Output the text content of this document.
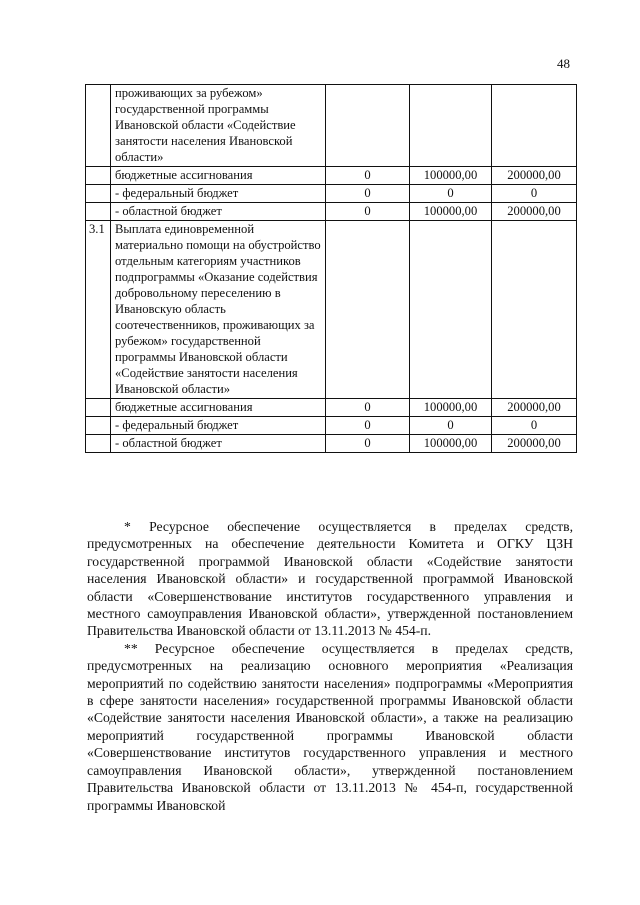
48
	проживающих за рубежом» государственной программы Ивановской области «Содействие занятости населения Ивановской области»			
	бюджетные ассигнования	0	100000,00	200000,00
	- федеральный бюджет	0	0	0
	- областной бюджет	0	100000,00	200000,00
3.1	Выплата единовременной материально помощи на обустройство отдельным категориям участников подпрограммы «Оказание содействия добровольному переселению в Ивановскую область соотечественников, проживающих за рубежом» государственной программы Ивановской области «Содействие занятости населения Ивановской области»			
	бюджетные ассигнования	0	100000,00	200000,00
	- федеральный бюджет	0	0	0
	- областной бюджет	0	100000,00	200000,00

* Ресурсное обеспечение осуществляется в пределах средств, предусмотренных на обеспечение деятельности Комитета и ОГКУ ЦЗН государственной программой Ивановской области «Содействие занятости населения Ивановской области» и государственной программой Ивановской области «Совершенствование институтов государственного управления и местного самоуправления Ивановской области», утвержденной постановлением Правительства Ивановской области от 13.11.2013 № 454-п.

** Ресурсное обеспечение осуществляется в пределах средств, предусмотренных на реализацию основного мероприятия «Реализация мероприятий по содействию занятости населения» подпрограммы «Мероприятия в сфере занятости населения» государственной программы Ивановской области «Содействие занятости населения Ивановской области», а также на реализацию мероприятий государственной программы Ивановской области «Совершенствование институтов государственного управления и местного самоуправления Ивановской области», утвержденной постановлением Правительства Ивановской области от 13.11.2013 № 454-п, государственной программы Ивановской
